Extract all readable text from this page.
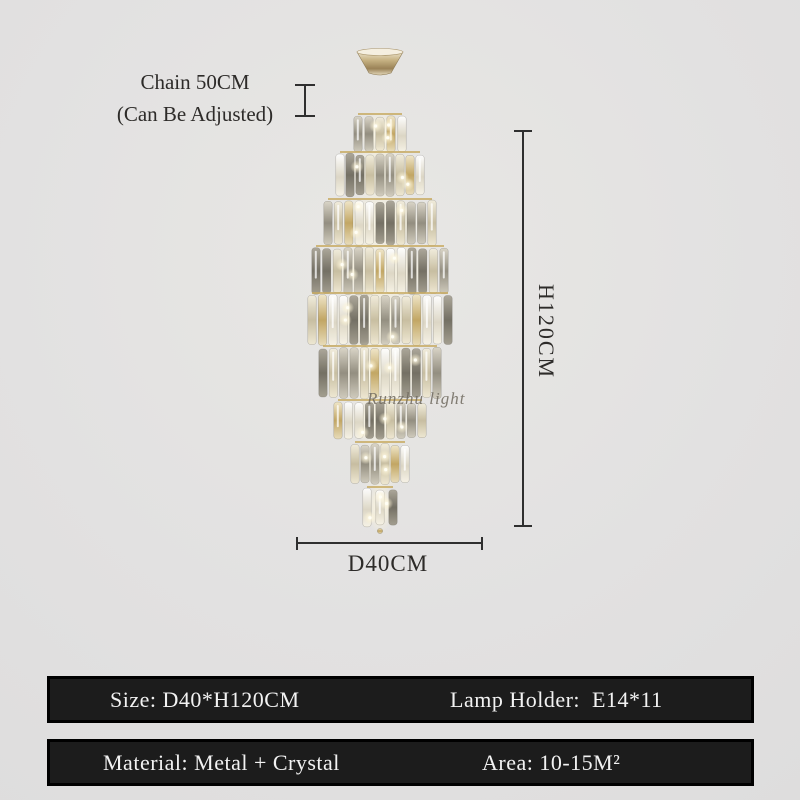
Runzhu light
Chain 50CM
(Can Be Adjusted)
H120CM
D40CM
Size: D40*H120CM	Lamp Holder:  E14*11
Material: Metal + Crystal	Area: 10-15M²
